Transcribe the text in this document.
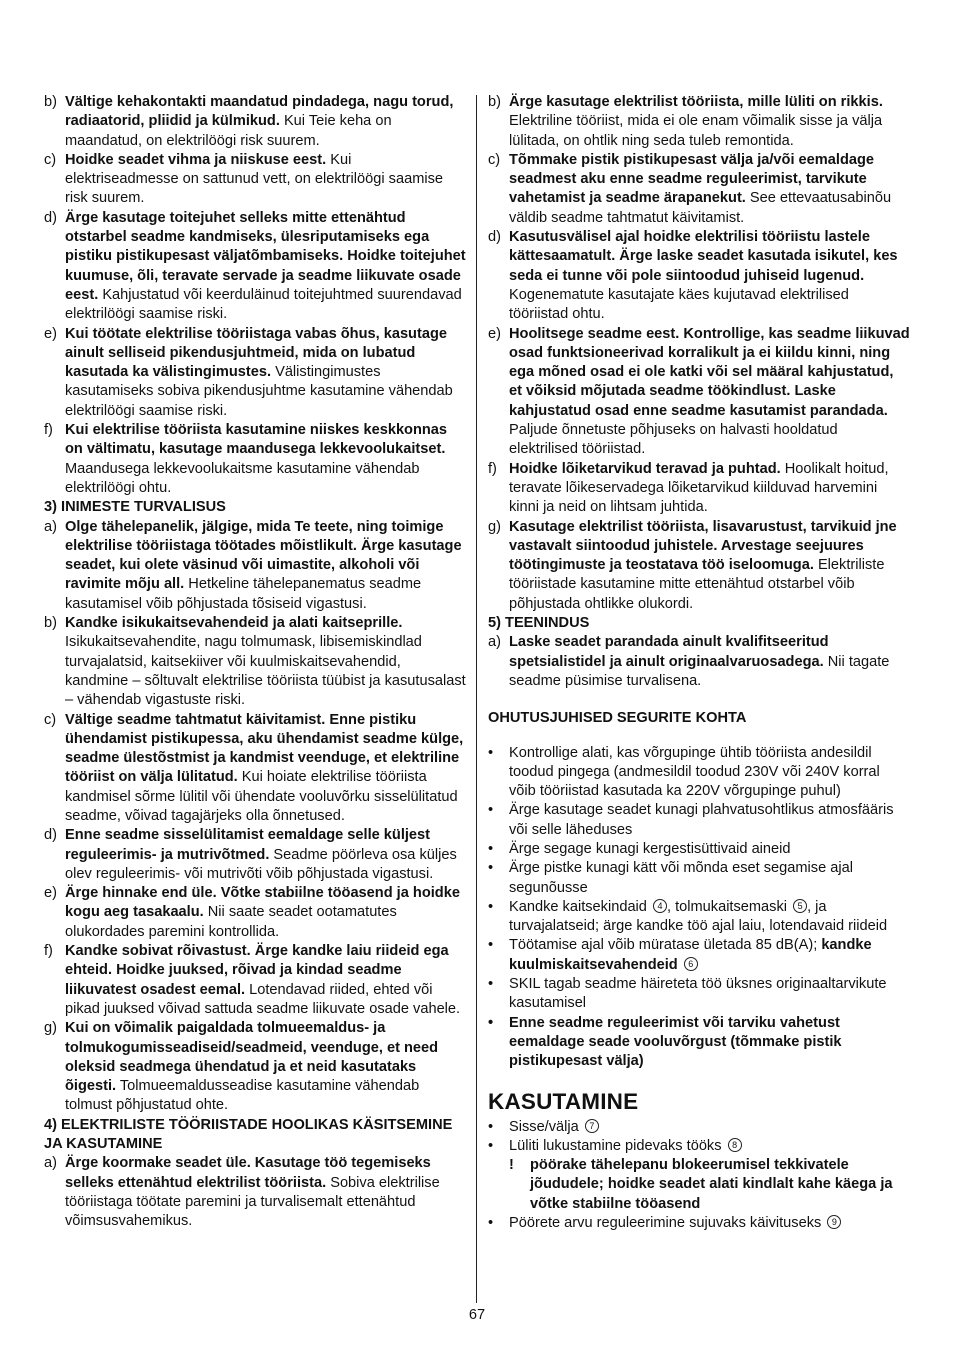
b) Vältige kehakontakti maandatud pindadega, nagu torud, radiaatorid, pliidid ja külmikud. Kui Teie keha on maandatud, on elektrilöögi risk suurem.
c) Hoidke seadet vihma ja niiskuse eest. Kui elektriseadmesse on sattunud vett, on elektrilöögi saamise risk suurem.
d) Ärge kasutage toitejuhet selleks mitte ettenähtud otstarbel seadme kandmiseks, ülesriputamiseks ega pistiku pistikupesast väljatõmbamiseks. Hoidke toitejuhet kuumuse, õli, teravate servade ja seadme liikuvate osade eest. Kahjustatud või keerduläinud toitejuhtmed suurendavad elektrilöögi saamise riski.
e) Kui töötate elektrilise tööriistaga vabas õhus, kasutage ainult selliseid pikendusjuhtmeid, mida on lubatud kasutada ka välistingimustes. Välistingimustes kasutamiseks sobiva pikendusjuhtme kasutamine vähendab elektrilöögi saamise riski.
f) Kui elektrilise tööriista kasutamine niiskes keskkonnas on vältimatu, kasutage maandusega lekkevoolukaitset. Maandusega lekkevoolukaitsme kasutamine vähendab elektrilöögi ohtu.
3) INIMESTE TURVALISUS
a) Olge tähelepanelik, jälgige, mida Te teete, ning toimige elektrilise tööriistaga töötades mõistlikult. Ärge kasutage seadet, kui olete väsinud või uimastite, alkoholi või ravimite mõju all. Hetkeline tähelepanematus seadme kasutamisel võib põhjustada tõsiseid vigastusi.
b) Kandke isikukaitsevahendeid ja alati kaitseprille. Isikukaitsevahendite, nagu tolmumask, libisemiskindlad turvajalatsid, kaitsekiiver või kuulmiskaitsevahendid, kandmine – sõltuvalt elektrilise tööriista tüübist ja kasutusalast – vähendab vigastuste riski.
c) Vältige seadme tahtmatut käivitamist. Enne pistiku ühendamist pistikupessa, aku ühendamist seadme külge, seadme ülestõstmist ja kandmist veenduge, et elektriline tööriist on välja lülitatud. Kui hoiate elektrilise tööriista kandmisel sõrme lülitil või ühendate vooluvõrku sisselülitatud seadme, võivad tagajärjeks olla õnnetused.
d) Enne seadme sisselülitamist eemaldage selle küljest reguleerimis- ja mutrivõtmed. Seadme pöörleva osa küljes olev reguleerimis- või mutrivõti võib põhjustada vigastusi.
e) Ärge hinnake end üle. Võtke stabiilne tööasend ja hoidke kogu aeg tasakaalu. Nii saate seadet ootamatutes olukordades paremini kontrollida.
f) Kandke sobivat rõivastust. Ärge kandke laiu riideid ega ehteid. Hoidke juuksed, rõivad ja kindad seadme liikuvatest osadest eemal. Lotendavad riided, ehted või pikad juuksed võivad sattuda seadme liikuvate osade vahele.
g) Kui on võimalik paigaldada tolmueemaldus- ja tolmukogumisseadiseid/seadmeid, veenduge, et need oleksid seadmega ühendatud ja et neid kasutataks õigesti. Tolmueemaldusseadise kasutamine vähendab tolmust põhjustatud ohte.
4) ELEKTRILISTE TÖÖRIISTADE HOOLIKAS KÄSITSEMINE JA KASUTAMINE
a) Ärge koormake seadet üle. Kasutage töö tegemiseks selleks ettenähtud elektrilist tööriista. Sobiva elektrilise tööriistaga töötate paremini ja turvalisemalt ettenähtud võimsusvahemikus.
b) Ärge kasutage elektrilist tööriista, mille lüliti on rikkis. Elektriline tööriist, mida ei ole enam võimalik sisse ja välja lülitada, on ohtlik ning seda tuleb remontida.
c) Tõmmake pistik pistikupesast välja ja/või eemaldage seadmest aku enne seadme reguleerimist, tarvikute vahetamist ja seadme ärapanekut. See ettevaatusabinõu väldib seadme tahtmatut käivitamist.
d) Kasutusvälisel ajal hoidke elektrilisi tööriistu lastele kättesaamatult. Ärge laske seadet kasutada isikutel, kes seda ei tunne või pole siintoodud juhiseid lugenud. Kogenematute kasutajate käes kujutavad elektrilised tööriistad ohtu.
e) Hoolitsege seadme eest. Kontrollige, kas seadme liikuvad osad funktsioneerivad korralikult ja ei kiildu kinni, ning ega mõned osad ei ole katki või sel määral kahjustatud, et võiksid mõjutada seadme töökindlust. Laske kahjustatud osad enne seadme kasutamist parandada. Paljude õnnetuste põhjuseks on halvasti hooldatud elektrilised tööriistad.
f) Hoidke lõiketarvikud teravad ja puhtad. Hoolikalt hoitud, teravate lõikeservadega lõiketarvikud kiilduvad harvemini kinni ja neid on lihtsam juhtida.
g) Kasutage elektrilist tööriista, lisavarustust, tarvikuid jne vastavalt siintoodud juhistele. Arvestage seejuures töötingimuste ja teostatava töö iseloomuga. Elektriliste tööriistade kasutamine mitte ettenähtud otstarbel võib põhjustada ohtlikke olukordi.
5) TEENINDUS
a) Laske seadet parandada ainult kvalifitseeritud spetsialistidel ja ainult originaalvaruosadega. Nii tagate seadme püsimise turvalisena.
OHUTUSJUHISED SEGURITE KOHTA
•	Kontrollige alati, kas võrgupinge ühtib tööriista andesildil toodud pingega (andmesildil toodud 230V või 240V korral võib tööriistad kasutada ka 220V võrgupinge puhul)
•	Ärge kasutage seadet kunagi plahvatusohtlikus atmosfääris või selle läheduses
•	Ärge segage kunagi kergestisüttivaid aineid
•	Ärge pistke kunagi kätt või mõnda eset segamise ajal segunõusse
•	Kandke kaitsekindaid 4 , tolmukaitsemaski 5 , ja turvajalatseid; ärge kandke töö ajal laiu, lotendavaid riideid
•	Töötamise ajal võib müratase ületada 85 dB(A); kandke kuulmiskaitsevahendeid 6
•	SKIL tagab seadme häireteta töö üksnes originaaltarvikute kasutamisel
•	Enne seadme reguleerimist või tarviku vahetust eemaldage seade vooluvõrgust (tõmmake pistik pistikupesast välja)
KASUTAMINE
•	Sisse/välja 7
•	Lüliti lukustamine pidevaks tööks 8
!	pöörake tähelepanu blokeerumisel tekkivatele jõududele; hoidke seadet alati kindlalt kahe käega ja võtke stabiilne tööasend
•	Pöörete arvu reguleerimine sujuvaks käivituseks 9
67
